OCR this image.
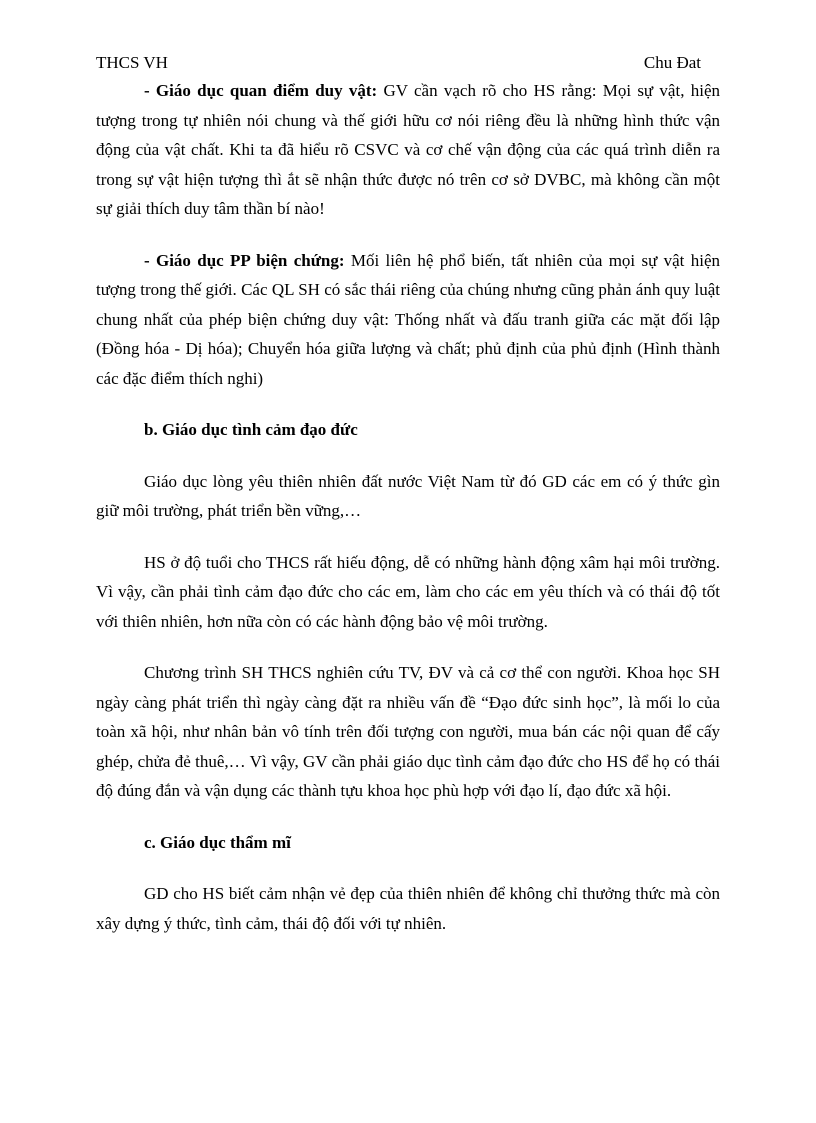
THCS VH	Chu Đat

- Giáo dục quan điểm duy vật: GV cần vạch rõ cho HS rằng: Mọi sự vật, hiện tượng trong tự nhiên nói chung và thế giới hữu cơ nói riêng đều là những hình thức vận động của vật chất. Khi ta đã hiểu rõ CSVC và cơ chế vận động của các quá trình diễn ra trong sự vật hiện tượng thì ắt sẽ nhận thức được nó trên cơ sở DVBC, mà không cần một sự giải thích duy tâm thần bí nào!

- Giáo dục PP biện chứng: Mối liên hệ phổ biến, tất nhiên của mọi sự vật hiện tượng trong thế giới. Các QL SH có sắc thái riêng của chúng nhưng cũng phản ánh quy luật chung nhất của phép biện chứng duy vật: Thống nhất và đấu tranh giữa các mặt đối lập (Đồng hóa - Dị hóa); Chuyển hóa giữa lượng và chất; phủ định của phủ định (Hình thành các đặc điểm thích nghi)

b. Giáo dục tình cảm đạo đức

Giáo dục lòng yêu thiên nhiên đất nước Việt Nam từ đó GD các em có ý thức gìn giữ môi trường, phát triển bền vững,…

HS ở độ tuổi cho THCS rất hiếu động, dễ có những hành động xâm hại môi trường. Vì vậy, cần phải tình cảm đạo đức cho các em, làm cho các em yêu thích và có thái độ tốt với thiên nhiên, hơn nữa còn có các hành động bảo vệ môi trường.

Chương trình SH THCS nghiên cứu TV, ĐV và cả cơ thể con người. Khoa học SH ngày càng phát triển thì ngày càng đặt ra nhiều vấn đề “Đạo đức sinh học”, là mối lo của toàn xã hội, như nhân bản vô tính trên đối tượng con người, mua bán các nội quan để cấy ghép, chửa đẻ thuê,… Vì vậy, GV cần phải giáo dục tình cảm đạo đức cho HS để họ có thái độ đúng đắn và vận dụng các thành tựu khoa học phù hợp với đạo lí, đạo đức xã hội.

c. Giáo dục thẩm mĩ

GD cho HS biết cảm nhận vẻ đẹp của thiên nhiên để không chỉ thưởng thức mà còn xây dựng ý thức, tình cảm, thái độ đối với tự nhiên.
